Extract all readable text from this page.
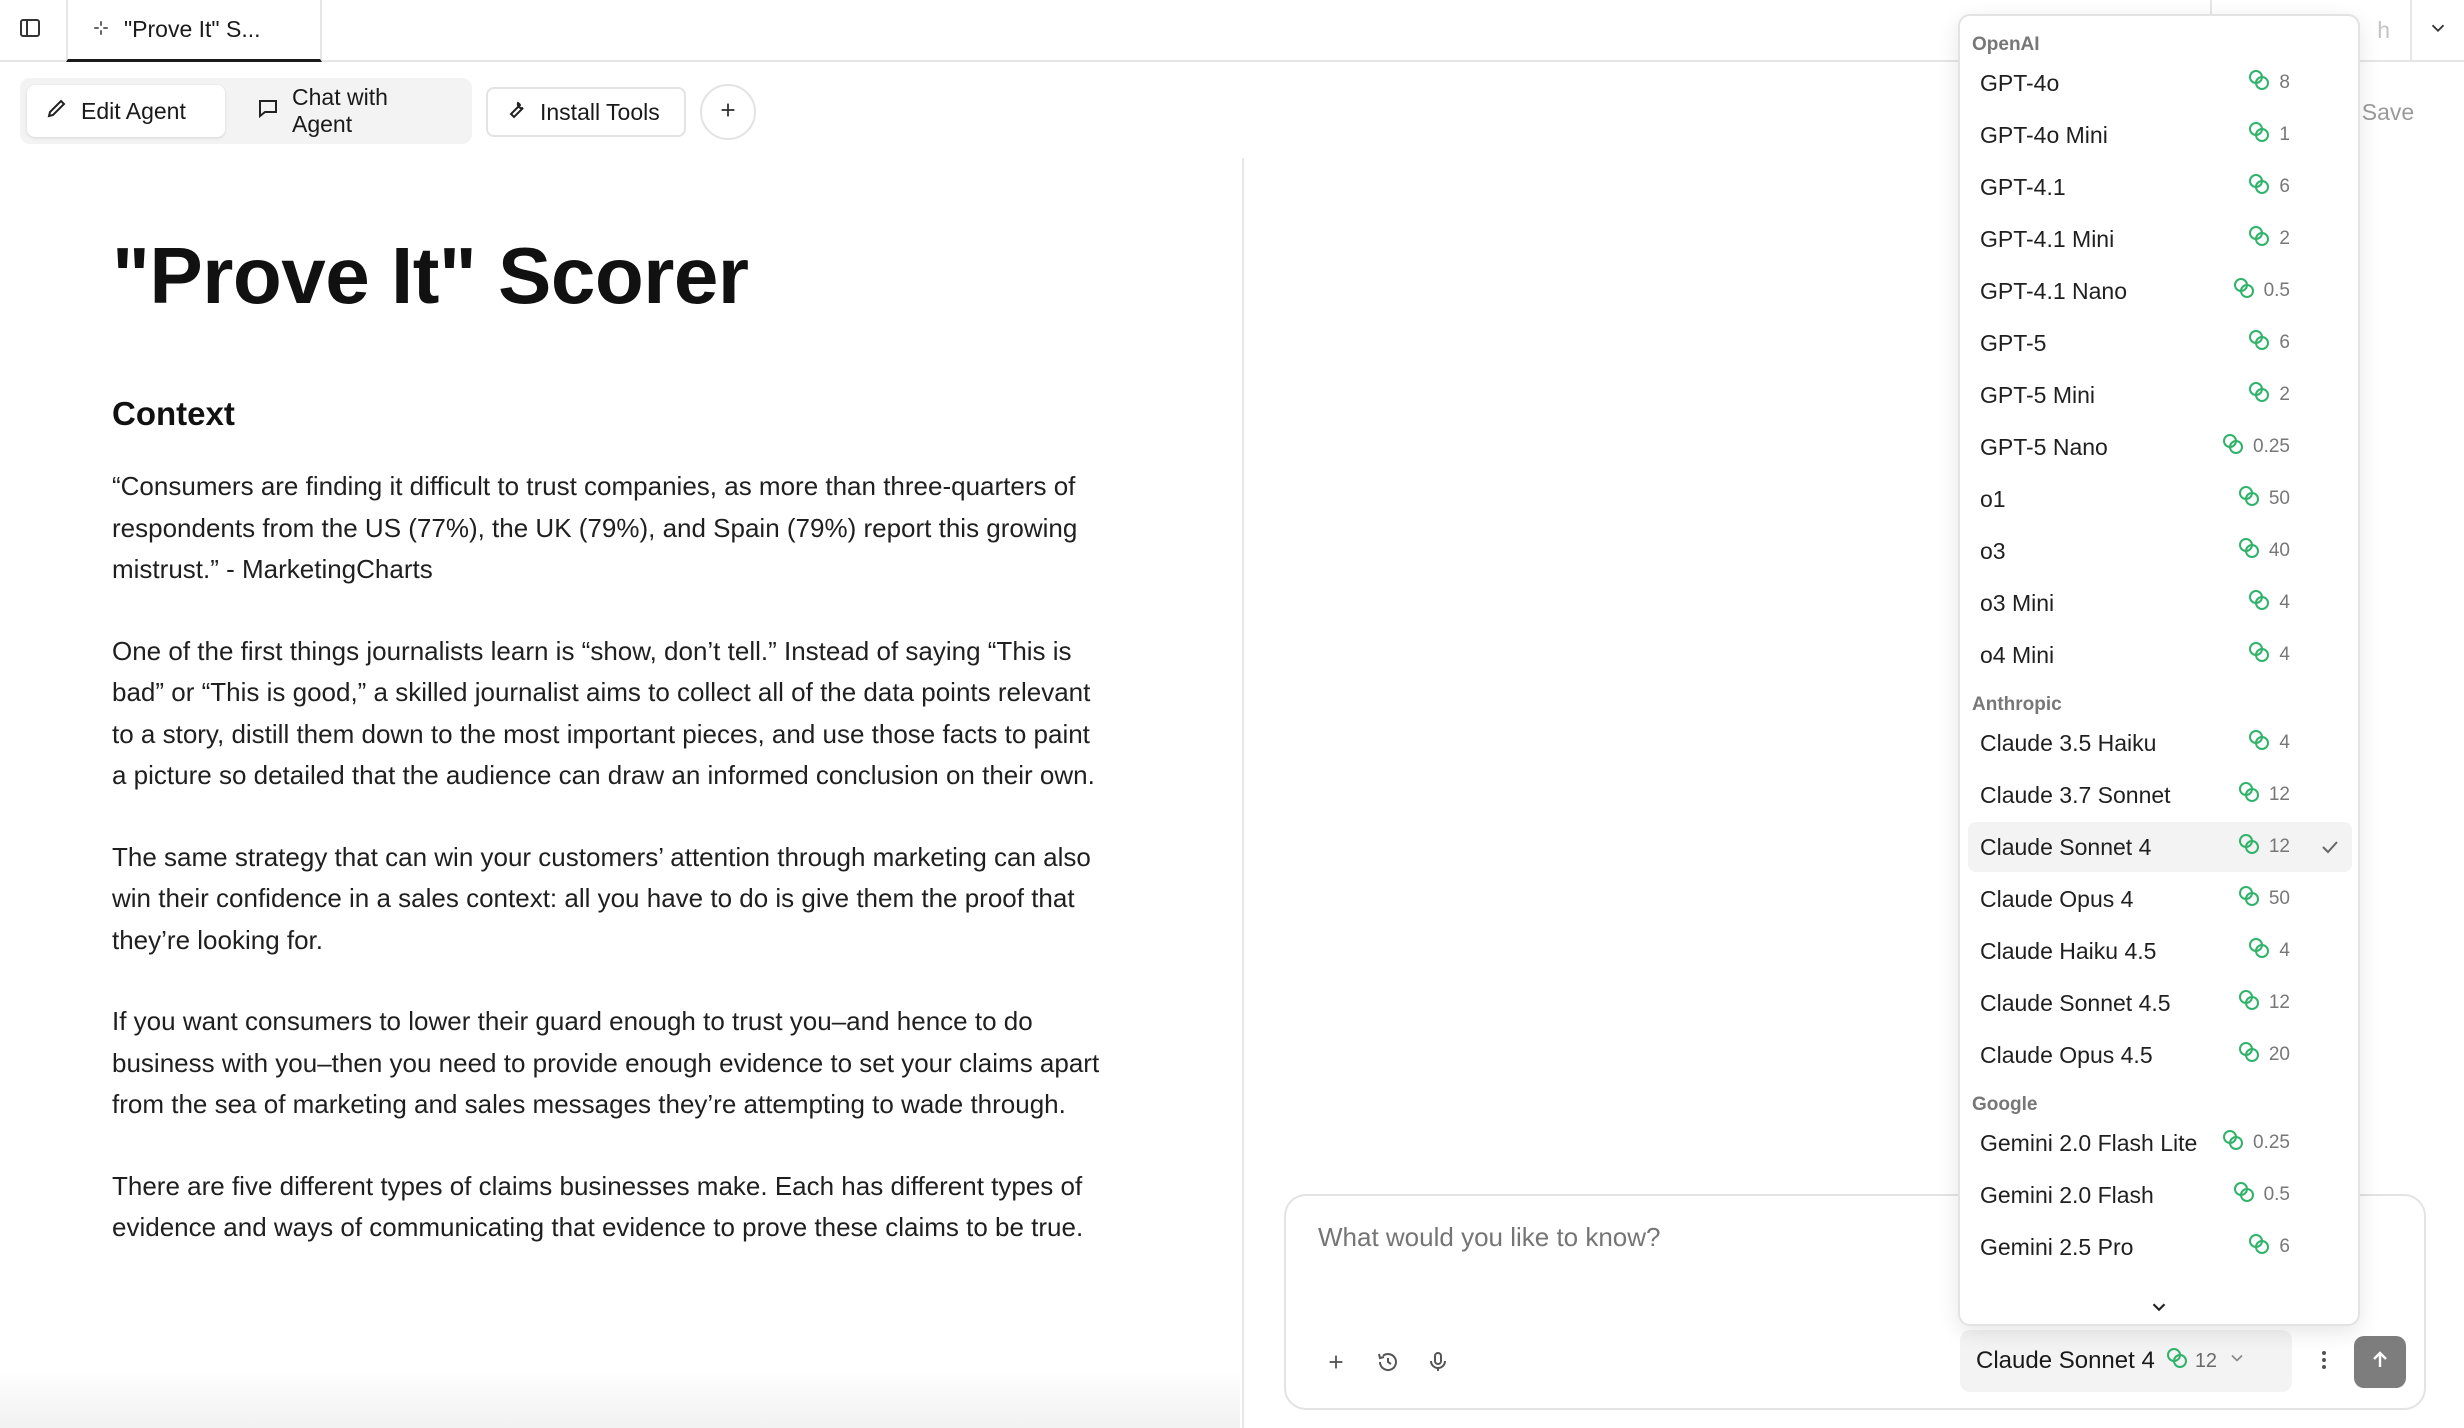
"Prove It" S...	h
Edit Agent
Chat with Agent	Install Tools	Save
"Prove It" Scorer
Context

“Consumers are finding it difficult to trust companies, as more than three-quarters of respondents from the US (77%), the UK (79%), and Spain (79%) report this growing mistrust.” - MarketingCharts

One of the first things journalists learn is “show, don’t tell.” Instead of saying “This is bad” or “This is good,” a skilled journalist aims to collect all of the data points relevant to a story, distill them down to the most important pieces, and use those facts to paint a picture so detailed that the audience can draw an informed conclusion on their own.

The same strategy that can win your customers’ attention through marketing can also win their confidence in a sales context: all you have to do is give them the proof that they’re looking for.

If you want consumers to lower their guard enough to trust you–and hence to do business with you–then you need to provide enough evidence to set your claims apart from the sea of marketing and sales messages they’re attempting to wade through.

There are five different types of claims businesses make. Each has different types of evidence and ways of communicating that evidence to prove these claims to be true.

What would you like to know?
Claude Sonnet 4 12
OpenAI
GPT-4o	8
GPT-4o Mini	1
GPT-4.1	6
GPT-4.1 Mini	2
GPT-4.1 Nano	0.5
GPT-5	6
GPT-5 Mini	2
GPT-5 Nano	0.25
o1	50
o3	40
o3 Mini	4
o4 Mini	4
Anthropic
Claude 3.5 Haiku	4
Claude 3.7 Sonnet	12
Claude Sonnet 4	12
Claude Opus 4	50
Claude Haiku 4.5	4
Claude Sonnet 4.5	12
Claude Opus 4.5	20
Google
Gemini 2.0 Flash Lite	0.25
Gemini 2.0 Flash	0.5
Gemini 2.5 Pro	6
